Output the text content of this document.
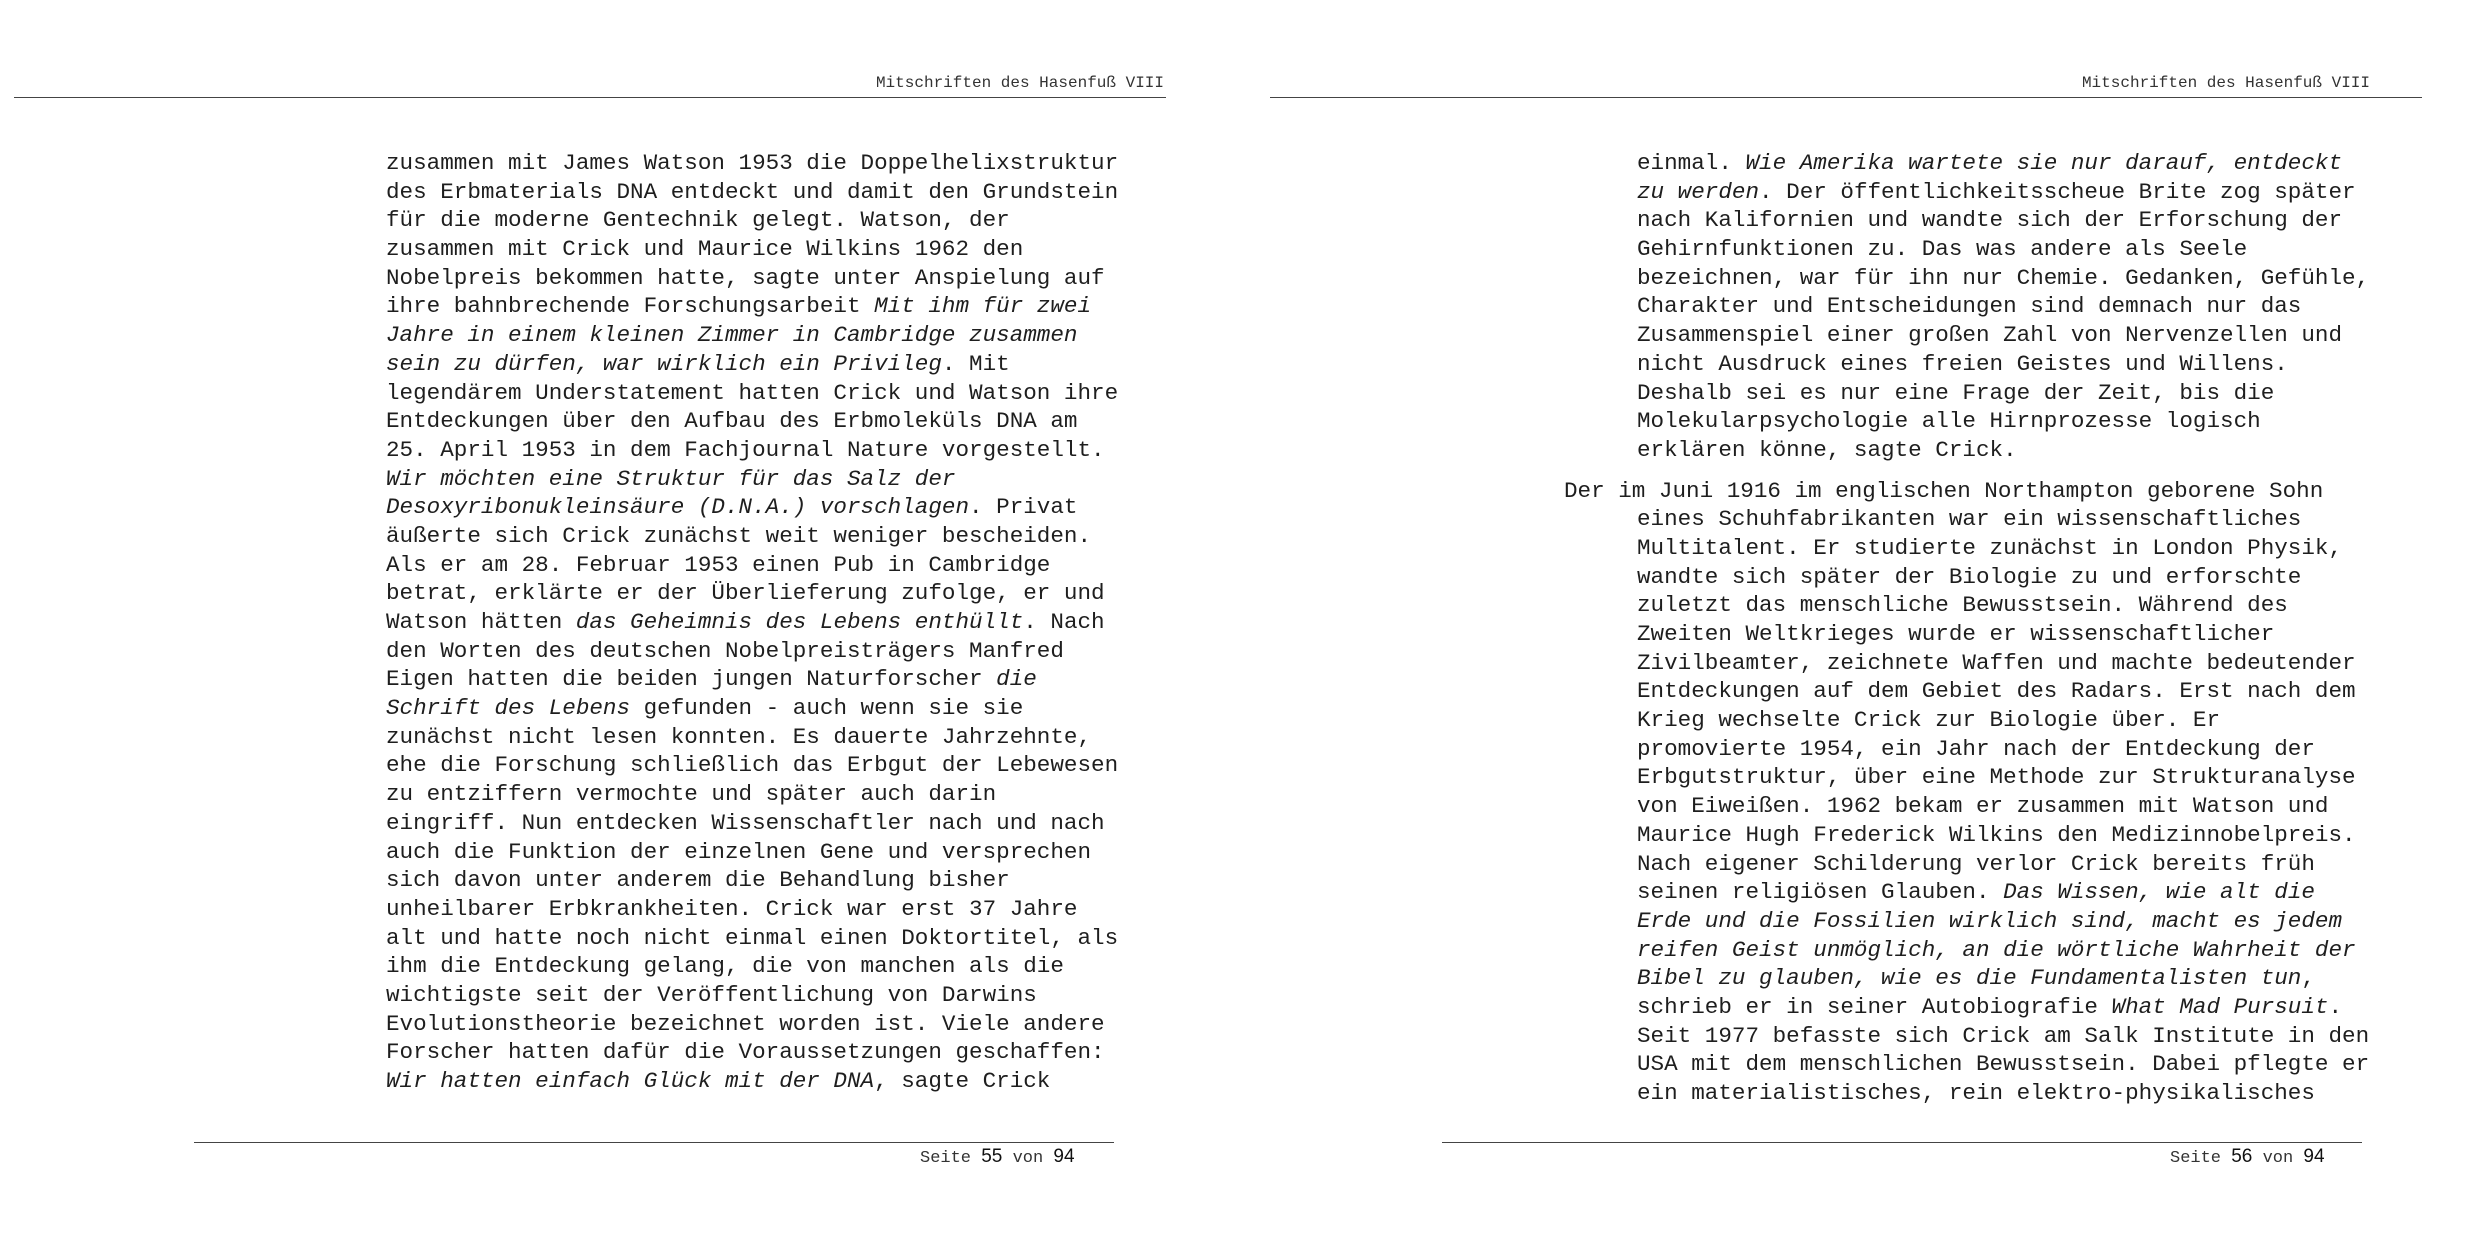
Mitschriften des Hasenfuß VIII
zusammen mit James Watson 1953 die Doppelhelixstruktur
des Erbmaterials DNA entdeckt und damit den Grundstein
für die moderne Gentechnik gelegt. Watson, der
zusammen mit Crick und Maurice Wilkins 1962 den
Nobelpreis bekommen hatte, sagte unter Anspielung auf
ihre bahnbrechende Forschungsarbeit Mit ihm für zwei
Jahre in einem kleinen Zimmer in Cambridge zusammen
sein zu dürfen, war wirklich ein Privileg. Mit
legendärem Understatement hatten Crick und Watson ihre
Entdeckungen über den Aufbau des Erbmoleküls DNA am
25. April 1953 in dem Fachjournal Nature vorgestellt.
Wir möchten eine Struktur für das Salz der
Desoxyribonukleinsäure (D.N.A.) vorschlagen. Privat
äußerte sich Crick zunächst weit weniger bescheiden.
Als er am 28. Februar 1953 einen Pub in Cambridge
betrat, erklärte er der Überlieferung zufolge, er und
Watson hätten das Geheimnis des Lebens enthüllt. Nach
den Worten des deutschen Nobelpreisträgers Manfred
Eigen hatten die beiden jungen Naturforscher die
Schrift des Lebens gefunden - auch wenn sie sie
zunächst nicht lesen konnten. Es dauerte Jahrzehnte,
ehe die Forschung schließlich das Erbgut der Lebewesen
zu entziffern vermochte und später auch darin
eingriff. Nun entdecken Wissenschaftler nach und nach
auch die Funktion der einzelnen Gene und versprechen
sich davon unter anderem die Behandlung bisher
unheilbarer Erbkrankheiten. Crick war erst 37 Jahre
alt und hatte noch nicht einmal einen Doktortitel, als
ihm die Entdeckung gelang, die von manchen als die
wichtigste seit der Veröffentlichung von Darwins
Evolutionstheorie bezeichnet worden ist. Viele andere
Forscher hatten dafür die Voraussetzungen geschaffen:
Wir hatten einfach Glück mit der DNA, sagte Crick
Seite 55 von 94
Mitschriften des Hasenfuß VIII
einmal. Wie Amerika wartete sie nur darauf, entdeckt
zu werden. Der öffentlichkeitsscheue Brite zog später
nach Kalifornien und wandte sich der Erforschung der
Gehirnfunktionen zu. Das was andere als Seele
bezeichnen, war für ihn nur Chemie. Gedanken, Gefühle,
Charakter und Entscheidungen sind demnach nur das
Zusammenspiel einer großen Zahl von Nervenzellen und
nicht Ausdruck eines freien Geistes und Willens.
Deshalb sei es nur eine Frage der Zeit, bis die
Molekularpsychologie alle Hirnprozesse logisch
erklären könne, sagte Crick.
Der im Juni 1916 im englischen Northampton geborene Sohn
eines Schuhfabrikanten war ein wissenschaftliches
Multitalent. Er studierte zunächst in London Physik,
wandte sich später der Biologie zu und erforschte
zuletzt das menschliche Bewusstsein. Während des
Zweiten Weltkrieges wurde er wissenschaftlicher
Zivilbeamter, zeichnete Waffen und machte bedeutender
Entdeckungen auf dem Gebiet des Radars. Erst nach dem
Krieg wechselte Crick zur Biologie über. Er
promovierte 1954, ein Jahr nach der Entdeckung der
Erbgutstruktur, über eine Methode zur Strukturanalyse
von Eiweißen. 1962 bekam er zusammen mit Watson und
Maurice Hugh Frederick Wilkins den Medizinnobelpreis.
Nach eigener Schilderung verlor Crick bereits früh
seinen religiösen Glauben. Das Wissen, wie alt die
Erde und die Fossilien wirklich sind, macht es jedem
reifen Geist unmöglich, an die wörtliche Wahrheit der
Bibel zu glauben, wie es die Fundamentalisten tun,
schrieb er in seiner Autobiografie What Mad Pursuit.
Seit 1977 befasste sich Crick am Salk Institute in den
USA mit dem menschlichen Bewusstsein. Dabei pflegte er
ein materialistisches, rein elektro-physikalisches
Seite 56 von 94
